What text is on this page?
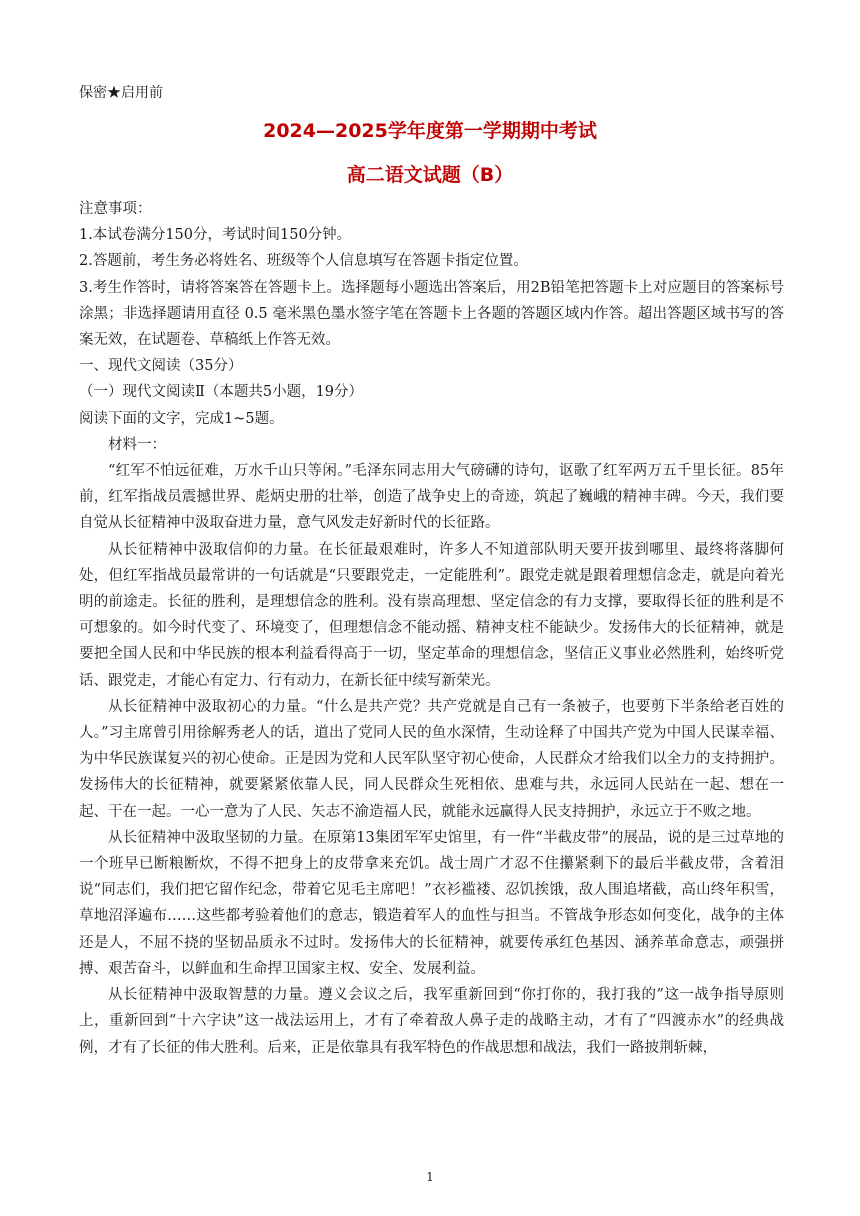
保密★启用前
2024—2025学年度第一学期期中考试
高二语文试题（B）

注意事项：

1.本试卷满分150分，考试时间150分钟。

2.答题前，考生务必将姓名、班级等个人信息填写在答题卡指定位置。

3.考生作答时，请将答案答在答题卡上。选择题每小题选出答案后，用2B铅笔把答题卡上对应题目的答案标号涂黑；非选择题请用直径 0.5 毫米黑色墨水签字笔在答题卡上各题的答题区域内作答。超出答题区域书写的答案无效，在试题卷、草稿纸上作答无效。

一、现代文阅读（35分）

（一）现代文阅读Ⅱ（本题共5小题，19分）

阅读下面的文字，完成1~5题。

材料一：

“红军不怕远征难，万水千山只等闲。”毛泽东同志用大气磅礴的诗句，讴歌了红军两万五千里长征。85年前，红军指战员震撼世界、彪炳史册的壮举，创造了战争史上的奇迹，筑起了巍峨的精神丰碑。今天，我们要自觉从长征精神中汲取奋进力量，意气风发走好新时代的长征路。

从长征精神中汲取信仰的力量。在长征最艰难时，许多人不知道部队明天要开拔到哪里、最终将落脚何处，但红军指战员最常讲的一句话就是“只要跟党走，一定能胜利”。跟党走就是跟着理想信念走，就是向着光明的前途走。长征的胜利，是理想信念的胜利。没有崇高理想、坚定信念的有力支撑，要取得长征的胜利是不可想象的。如今时代变了、环境变了，但理想信念不能动摇、精神支柱不能缺少。发扬伟大的长征精神，就是要把全国人民和中华民族的根本利益看得高于一切，坚定革命的理想信念，坚信正义事业必然胜利，始终听党话、跟党走，才能心有定力、行有动力，在新长征中续写新荣光。

从长征精神中汲取初心的力量。“什么是共产党？共产党就是自己有一条被子，也要剪下半条给老百姓的人。”习主席曾引用徐解秀老人的话，道出了党同人民的鱼水深情，生动诠释了中国共产党为中国人民谋幸福、为中华民族谋复兴的初心使命。正是因为党和人民军队坚守初心使命，人民群众才给我们以全力的支持拥护。发扬伟大的长征精神，就要紧紧依靠人民，同人民群众生死相依、患难与共，永远同人民站在一起、想在一起、干在一起。一心一意为了人民、矢志不渝造福人民，就能永远赢得人民支持拥护，永远立于不败之地。

从长征精神中汲取坚韧的力量。在原第13集团军军史馆里，有一件“半截皮带”的展品，说的是三过草地的一个班早已断粮断炊，不得不把身上的皮带拿来充饥。战士周广才忍不住攥紧剩下的最后半截皮带，含着泪说“同志们，我们把它留作纪念，带着它见毛主席吧！”衣衫褴褛、忍饥挨饿，敌人围追堵截，高山终年积雪，草地沼泽遍布……这些都考验着他们的意志，锻造着军人的血性与担当。不管战争形态如何变化，战争的主体还是人，不屈不挠的坚韧品质永不过时。发扬伟大的长征精神，就要传承红色基因、涵养革命意志，顽强拼搏、艰苦奋斗，以鲜血和生命捍卫国家主权、安全、发展利益。

从长征精神中汲取智慧的力量。遵义会议之后，我军重新回到“你打你的，我打我的”这一战争指导原则上，重新回到“十六字诀”这一战法运用上，才有了牵着敌人鼻子走的战略主动，才有了“四渡赤水”的经典战例，才有了长征的伟大胜利。后来，正是依靠具有我军特色的作战思想和战法，我们一路披荆斩棘，

1
